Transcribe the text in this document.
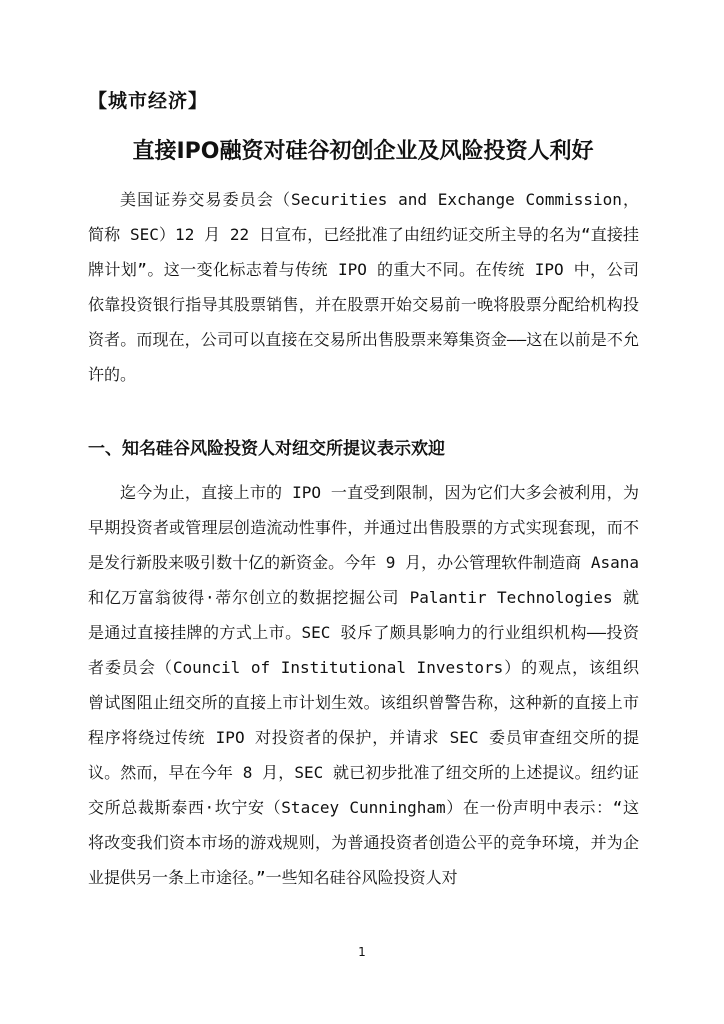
【城市经济】
直接IPO融资对硅谷初创企业及风险投资人利好

美国证券交易委员会（Securities and Exchange Commission，简称 SEC）12 月 22 日宣布，已经批准了由纽约证交所主导的名为“直接挂牌计划”。这一变化标志着与传统 IPO 的重大不同。在传统 IPO 中，公司依靠投资银行指导其股票销售，并在股票开始交易前一晚将股票分配给机构投资者。而现在，公司可以直接在交易所出售股票来筹集资金——这在以前是不允许的。

一、知名硅谷风险投资人对纽交所提议表示欢迎

迄今为止，直接上市的 IPO 一直受到限制，因为它们大多会被利用，为早期投资者或管理层创造流动性事件，并通过出售股票的方式实现套现，而不是发行新股来吸引数十亿的新资金。今年 9 月，办公管理软件制造商 Asana 和亿万富翁彼得·蒂尔创立的数据挖掘公司 Palantir Technologies 就是通过直接挂牌的方式上市。SEC 驳斥了颇具影响力的行业组织机构——投资者委员会（Council of Institutional Investors）的观点，该组织曾试图阻止纽交所的直接上市计划生效。该组织曾警告称，这种新的直接上市程序将绕过传统 IPO 对投资者的保护，并请求 SEC 委员审查纽交所的提议。然而，早在今年 8 月，SEC 就已初步批准了纽交所的上述提议。纽约证交所总裁斯泰西·坎宁安（Stacey Cunningham）在一份声明中表示：“这将改变我们资本市场的游戏规则，为普通投资者创造公平的竞争环境，并为企业提供另一条上市途径。”一些知名硅谷风险投资人对

1
